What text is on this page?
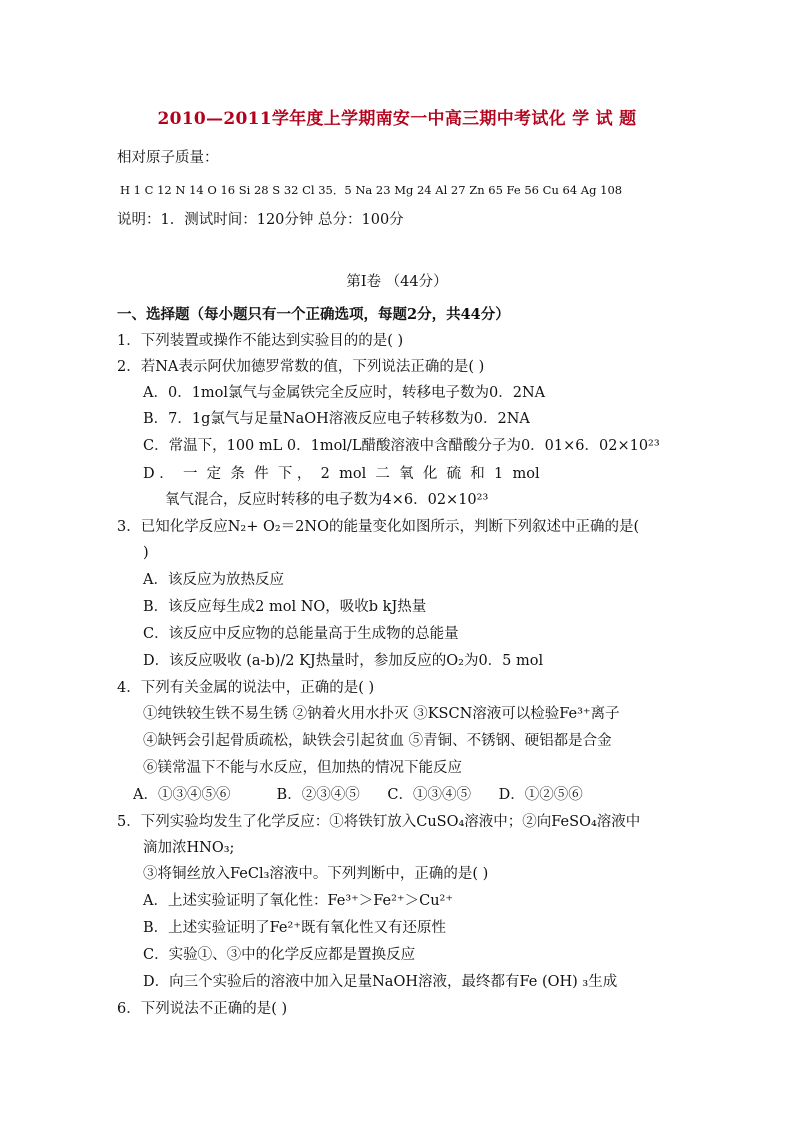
2010—2011学年度上学期南安一中高三期中考试化 学 试 题
相对原子质量：
H 1 C 12 N 14 O 16 Si 28 S 32 Cl 35．5 Na 23 Mg 24 Al 27 Zn 65 Fe 56 Cu 64 Ag 108
说明：1．测试时间：120分钟 总分：100分
第Ⅰ卷 （44分）
一、选择题（每小题只有一个正确选项，每题2分，共44分）
1．下列装置或操作不能达到实验目的的是( )
2．若NA表示阿伏加德罗常数的值，下列说法正确的是( )
A．0．1mol氯气与金属铁完全反应时，转移电子数为0．2NA
B．7．1g氯气与足量NaOH溶液反应电子转移数为0．2NA
C．常温下，100 mL 0．1mol/L醋酸溶液中含醋酸分子为0．01×6．02×10²³
D ．  一  定  条  件  下 ，  2  mol  二  氧  化  硫  和  1  mol
氧气混合，反应时转移的电子数为4×6．02×10²³
3．已知化学反应N₂+ O₂＝2NO的能量变化如图所示，判断下列叙述中正确的是(
)
A．该反应为放热反应
B．该反应每生成2 mol NO，吸收b kJ热量
C．该反应中反应物的总能量高于生成物的总能量
D．该反应吸收 (a-b)/2 KJ热量时，参加反应的O₂为0．5 mol
4．下列有关金属的说法中，正确的是( )
①纯铁较生铁不易生锈 ②钠着火用水扑灭 ③KSCN溶液可以检验Fe³⁺离子
④缺钙会引起骨质疏松，缺铁会引起贫血 ⑤青铜、不锈钢、硬铝都是合金
⑥镁常温下不能与水反应，但加热的情况下能反应
A．①③④⑤⑥          B．②③④⑤      C．①③④⑤      D．①②⑤⑥
5．下列实验均发生了化学反应：①将铁钉放入CuSO₄溶液中；②向FeSO₄溶液中
滴加浓HNO₃;
③将铜丝放入FeCl₃溶液中。下列判断中，正确的是( )
A．上述实验证明了氧化性：Fe³⁺＞Fe²⁺＞Cu²⁺
B．上述实验证明了Fe²⁺既有氧化性又有还原性
C．实验①、③中的化学反应都是置换反应
D．向三个实验后的溶液中加入足量NaOH溶液，最终都有Fe (OH) ₃生成
6．下列说法不正确的是( )
